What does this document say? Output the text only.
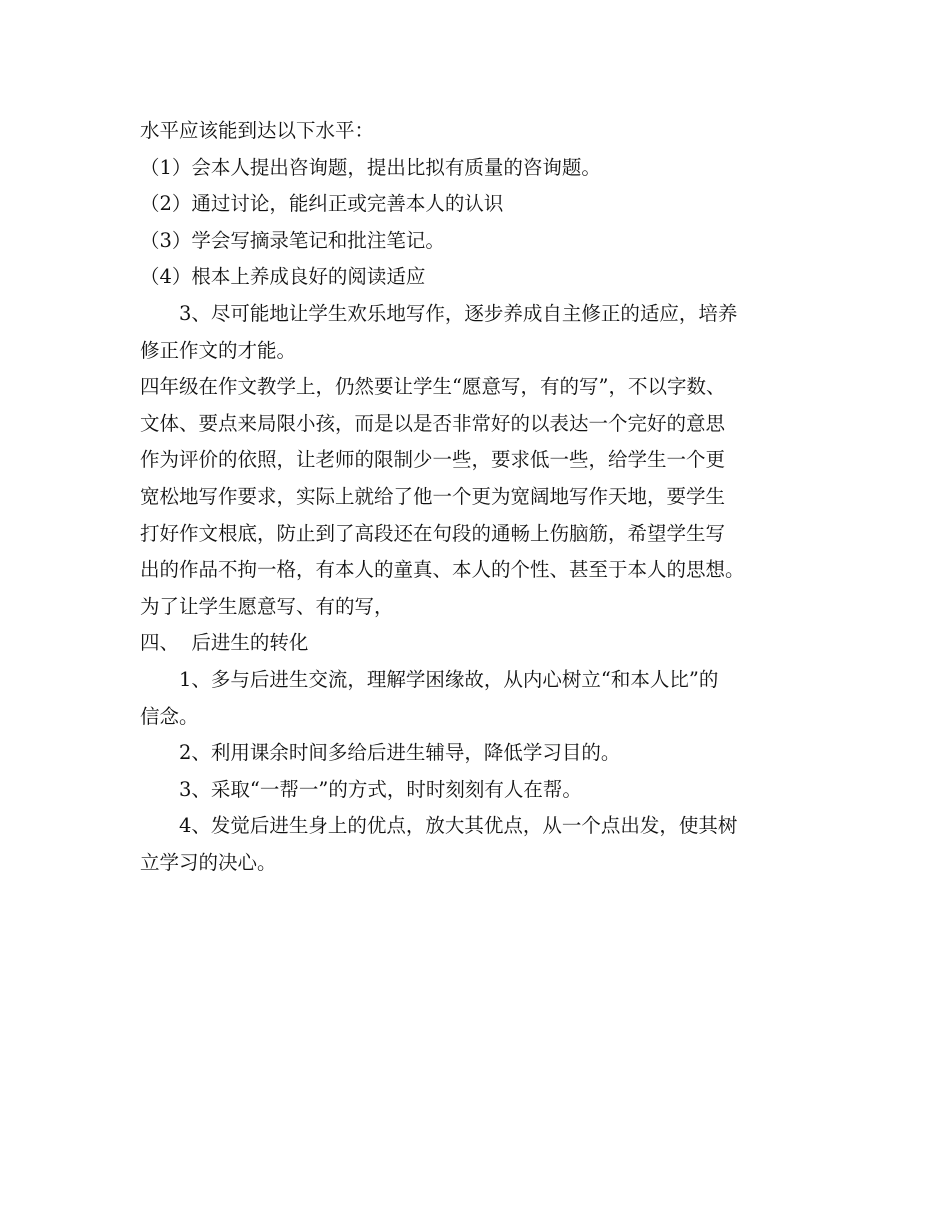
水平应该能到达以下水平：
（1）会本人提出咨询题，提出比拟有质量的咨询题。
（2）通过讨论，能纠正或完善本人的认识
（3）学会写摘录笔记和批注笔记。
（4）根本上养成良好的阅读适应
3、尽可能地让学生欢乐地写作，逐步养成自主修正的适应，培养
修正作文的才能。
四年级在作文教学上，仍然要让学生“愿意写，有的写”，不以字数、
文体、要点来局限小孩，而是以是否非常好的以表达一个完好的意思
作为评价的依照，让老师的限制少一些，要求低一些，给学生一个更
宽松地写作要求，实际上就给了他一个更为宽阔地写作天地，要学生
打好作文根底，防止到了高段还在句段的通畅上伤脑筋，希望学生写
出的作品不拘一格，有本人的童真、本人的个性、甚至于本人的思想。
为了让学生愿意写、有的写，
四、  后进生的转化
1、多与后进生交流，理解学困缘故，从内心树立“和本人比”的
信念。
2、利用课余时间多给后进生辅导，降低学习目的。
3、采取“一帮一”的方式，时时刻刻有人在帮。
4、发觉后进生身上的优点，放大其优点，从一个点出发，使其树
立学习的决心。
